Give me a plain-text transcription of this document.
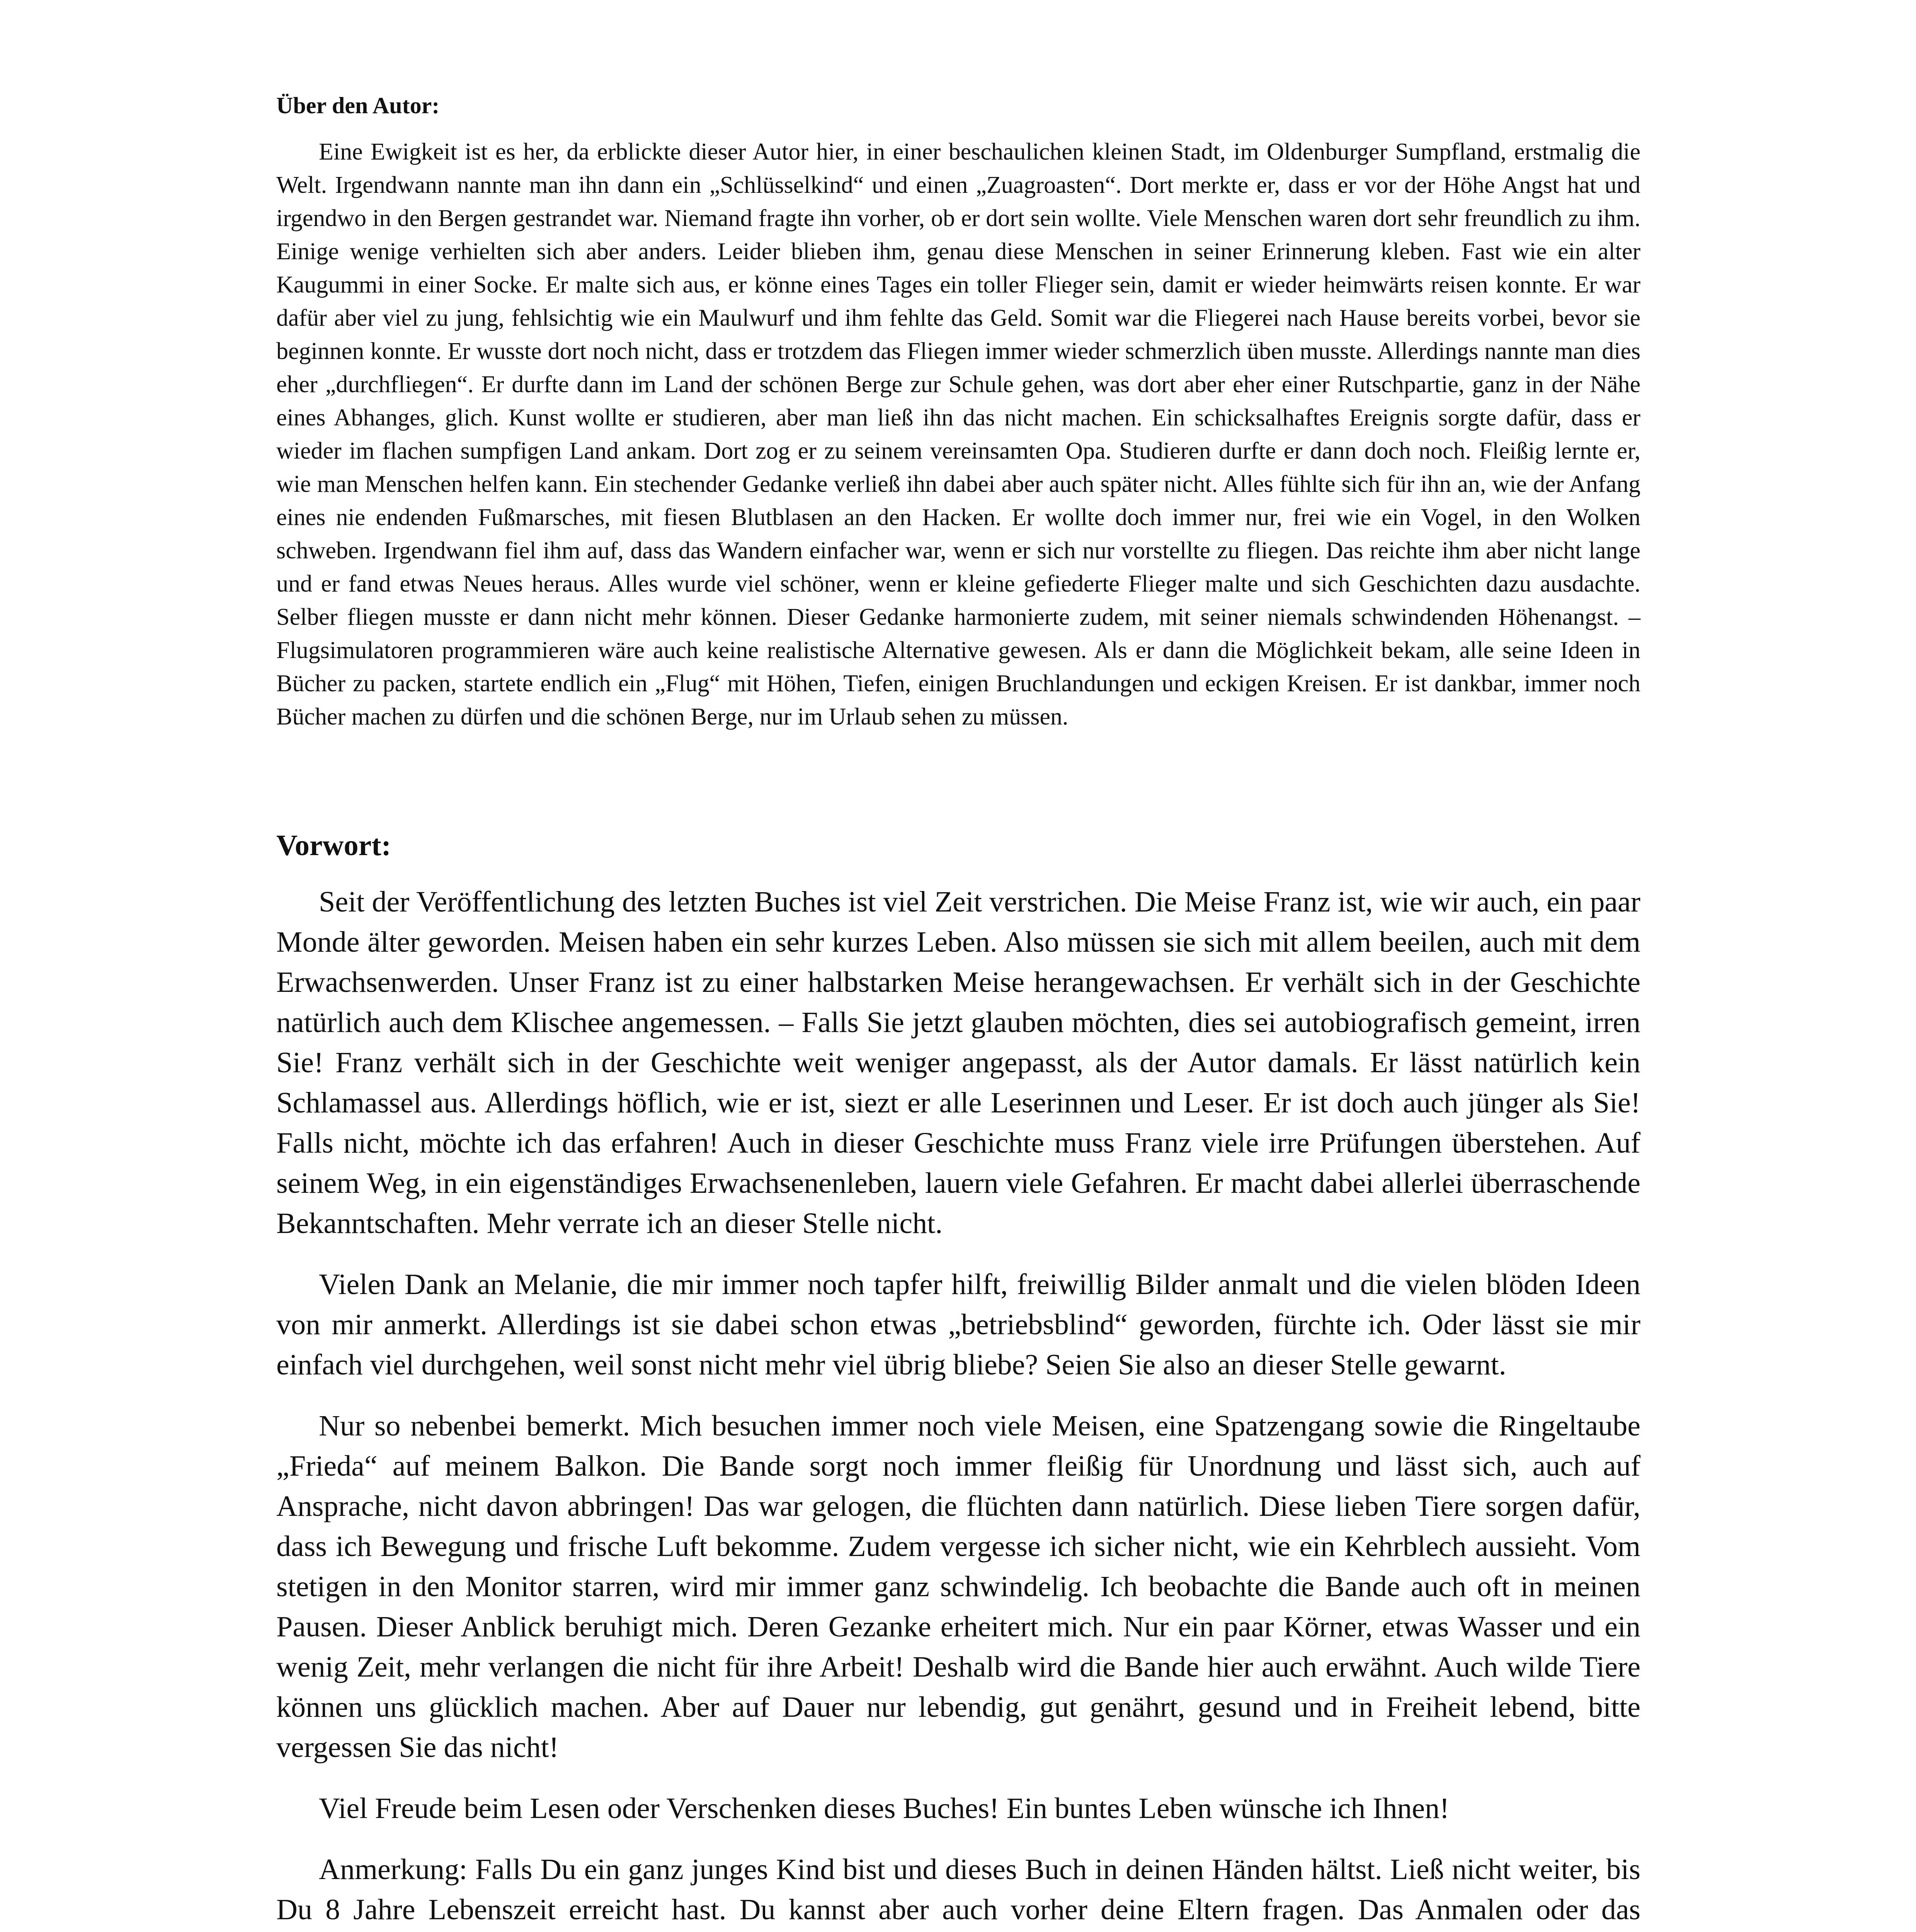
Über den Autor:

Eine Ewigkeit ist es her, da erblickte dieser Autor hier, in einer beschaulichen kleinen Stadt, im Oldenburger Sumpfland, erstmalig die Welt. Irgendwann nannte man ihn dann ein „Schlüsselkind“ und einen „Zuagroasten“. Dort merkte er, dass er vor der Höhe Angst hat und irgendwo in den Bergen gestrandet war. Niemand fragte ihn vorher, ob er dort sein wollte. Viele Menschen waren dort sehr freundlich zu ihm. Einige wenige verhielten sich aber anders. Leider blieben ihm, genau diese Menschen in seiner Erinnerung kleben. Fast wie ein alter Kaugummi in einer Socke. Er malte sich aus, er könne eines Tages ein toller Flieger sein, damit er wieder heimwärts reisen konnte. Er war dafür aber viel zu jung, fehlsichtig wie ein Maulwurf und ihm fehlte das Geld. Somit war die Fliegerei nach Hause bereits vorbei, bevor sie beginnen konnte. Er wusste dort noch nicht, dass er trotzdem das Fliegen immer wieder schmerzlich üben musste. Allerdings nannte man dies eher „durchfliegen“. Er durfte dann im Land der schönen Berge zur Schule gehen, was dort aber eher einer Rutschpartie, ganz in der Nähe eines Abhanges, glich. Kunst wollte er studieren, aber man ließ ihn das nicht machen. Ein schicksalhaftes Ereignis sorgte dafür, dass er wieder im flachen sumpfigen Land ankam. Dort zog er zu seinem vereinsamten Opa. Studieren durfte er dann doch noch. Fleißig lernte er, wie man Menschen helfen kann. Ein stechender Gedanke verließ ihn dabei aber auch später nicht. Alles fühlte sich für ihn an, wie der Anfang eines nie endenden Fußmarsches, mit fiesen Blutblasen an den Hacken. Er wollte doch immer nur, frei wie ein Vogel, in den Wolken schweben. Irgendwann fiel ihm auf, dass das Wandern einfacher war, wenn er sich nur vorstellte zu fliegen. Das reichte ihm aber nicht lange und er fand etwas Neues heraus. Alles wurde viel schöner, wenn er kleine gefiederte Flieger malte und sich Geschichten dazu ausdachte. Selber fliegen musste er dann nicht mehr können. Dieser Gedanke harmonierte zudem, mit seiner niemals schwindenden Höhenangst. – Flugsimulatoren programmieren wäre auch keine realistische Alternative gewesen. Als er dann die Möglichkeit bekam, alle seine Ideen in Bücher zu packen, startete endlich ein „Flug“ mit Höhen, Tiefen, einigen Bruchlandungen und eckigen Kreisen. Er ist dankbar, immer noch Bücher machen zu dürfen und die schönen Berge, nur im Urlaub sehen zu müssen.

Vorwort:

Seit der Veröffentlichung des letzten Buches ist viel Zeit verstrichen. Die Meise Franz ist, wie wir auch, ein paar Monde älter geworden. Meisen haben ein sehr kurzes Leben. Also müssen sie sich mit allem beeilen, auch mit dem Erwachsenwerden. Unser Franz ist zu einer halbstarken Meise herangewachsen. Er verhält sich in der Geschichte natürlich auch dem Klischee angemessen. – Falls Sie jetzt glauben möchten, dies sei autobiografisch gemeint, irren Sie! Franz verhält sich in der Geschichte weit weniger angepasst, als der Autor damals. Er lässt natürlich kein Schlamassel aus. Allerdings höflich, wie er ist, siezt er alle Leserinnen und Leser. Er ist doch auch jünger als Sie! Falls nicht, möchte ich das erfahren! Auch in dieser Geschichte muss Franz viele irre Prüfungen überstehen. Auf seinem Weg, in ein eigenständiges Erwachsenenleben, lauern viele Gefahren. Er macht dabei allerlei überraschende Bekanntschaften. Mehr verrate ich an dieser Stelle nicht.

Vielen Dank an Melanie, die mir immer noch tapfer hilft, freiwillig Bilder anmalt und die vielen blöden Ideen von mir anmerkt. Allerdings ist sie dabei schon etwas „betriebsblind“ geworden, fürchte ich. Oder lässt sie mir einfach viel durchgehen, weil sonst nicht mehr viel übrig bliebe? Seien Sie also an dieser Stelle gewarnt.

Nur so nebenbei bemerkt. Mich besuchen immer noch viele Meisen, eine Spatzengang sowie die Ringeltaube „Frieda“ auf meinem Balkon. Die Bande sorgt noch immer fleißig für Unordnung und lässt sich, auch auf Ansprache, nicht davon abbringen! Das war gelogen, die flüchten dann natürlich. Diese lieben Tiere sorgen dafür, dass ich Bewegung und frische Luft bekomme. Zudem vergesse ich sicher nicht, wie ein Kehrblech aussieht. Vom stetigen in den Monitor starren, wird mir immer ganz schwindelig. Ich beobachte die Bande auch oft in meinen Pausen. Dieser Anblick beruhigt mich. Deren Gezanke erheitert mich. Nur ein paar Körner, etwas Wasser und ein wenig Zeit, mehr verlangen die nicht für ihre Arbeit! Deshalb wird die Bande hier auch erwähnt. Auch wilde Tiere können uns glücklich machen. Aber auf Dauer nur lebendig, gut genährt, gesund und in Freiheit lebend, bitte vergessen Sie das nicht!

Viel Freude beim Lesen oder Verschenken dieses Buches! Ein buntes Leben wünsche ich Ihnen!

Anmerkung: Falls Du ein ganz junges Kind bist und dieses Buch in deinen Händen hältst. Ließ nicht weiter, bis Du 8 Jahre Lebenszeit erreicht hast. Du kannst aber auch vorher deine Eltern fragen. Das Anmalen oder das
